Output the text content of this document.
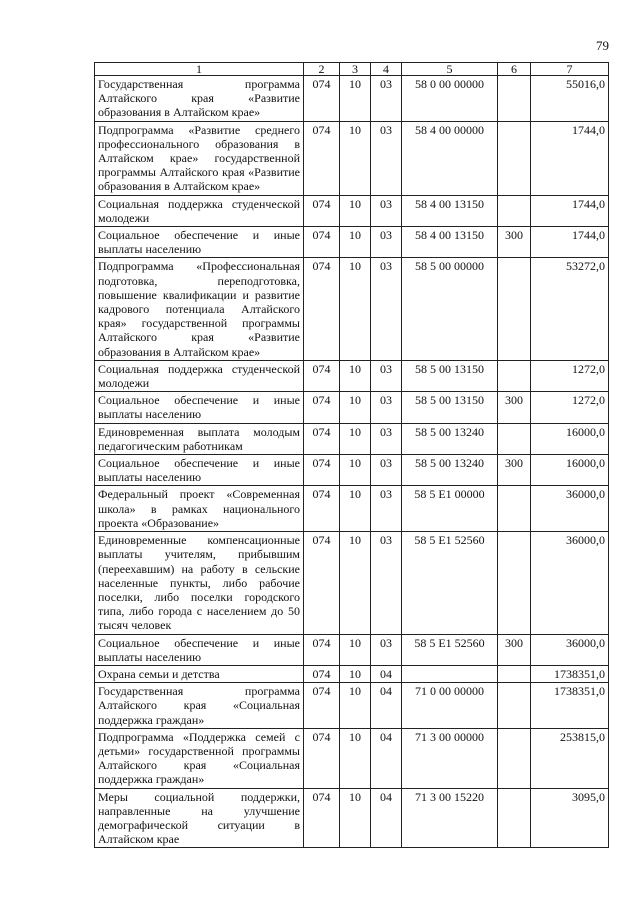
79
1	2	3	4	5	6	7
Государственная программа Алтайского края «Развитие образования в Алтайском крае»	074	10	03	58 0 00 00000		55016,0
Подпрограмма «Развитие среднего профессионального образования в Алтайском крае» государственной программы Алтайского края «Развитие образования в Алтайском крае»	074	10	03	58 4 00 00000		1744,0
Социальная поддержка студенческой молодежи	074	10	03	58 4 00 13150		1744,0
Социальное обеспечение и иные выплаты населению	074	10	03	58 4 00 13150	300	1744,0
Подпрограмма «Профессиональная подготовка, переподготовка, повышение квалификации и развитие кадрового потенциала Алтайского края» государственной программы Алтайского края «Развитие образования в Алтайском крае»	074	10	03	58 5 00 00000		53272,0
Социальная поддержка студенческой молодежи	074	10	03	58 5 00 13150		1272,0
Социальное обеспечение и иные выплаты населению	074	10	03	58 5 00 13150	300	1272,0
Единовременная выплата молодым педагогическим работникам	074	10	03	58 5 00 13240		16000,0
Социальное обеспечение и иные выплаты населению	074	10	03	58 5 00 13240	300	16000,0
Федеральный проект «Современная школа» в рамках национального проекта «Образование»	074	10	03	58 5 E1 00000		36000,0
Единовременные компенсационные выплаты учителям, прибывшим (переехавшим) на работу в сельские населенные пункты, либо рабочие поселки, либо поселки городского типа, либо города с населением до 50 тысяч человек	074	10	03	58 5 E1 52560		36000,0
Социальное обеспечение и иные выплаты населению	074	10	03	58 5 E1 52560	300	36000,0
Охрана семьи и детства	074	10	04			1738351,0
Государственная программа Алтайского края «Социальная поддержка граждан»	074	10	04	71 0 00 00000		1738351,0
Подпрограмма «Поддержка семей с детьми» государственной программы Алтайского края «Социальная поддержка граждан»	074	10	04	71 3 00 00000		253815,0
Меры социальной поддержки, направленные на улучшение демографической ситуации в Алтайском крае	074	10	04	71 3 00 15220		3095,0
